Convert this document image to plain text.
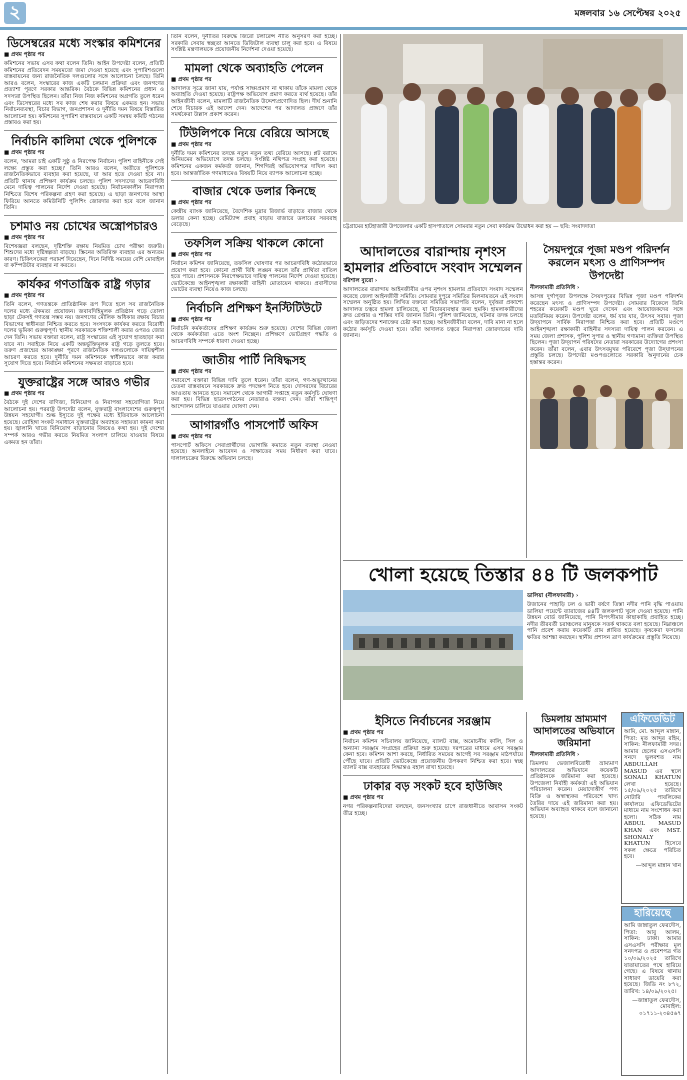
২	মঙ্গলবার ১৬ সেপ্টেম্বর ২০২৫
ডিসেম্বরের মধ্যে সংস্কার কমিশনের
■ প্রথম পৃষ্ঠার পর

কমিশনের সভায় এসব কথা বলেন তিনি। আইন উপদেষ্টা বলেন, প্রতিটি কমিশনের প্রতিবেদন সময়মতো জমা দেওয়া হয়েছে এবং সুপারিশগুলো বাস্তবায়নের জন্য রাজনৈতিক দলগুলোর সঙ্গে আলোচনা চলছে। তিনি আরও বলেন, সংস্কারের কাজ একটি চলমান প্রক্রিয়া এবং জনগণের প্রত্যাশা পূরণে সরকার আন্তরিক। বৈঠকে বিভিন্ন কমিশনের প্রধান ও সদস্যরা উপস্থিত ছিলেন। তাঁরা নিজ নিজ কমিশনের অগ্রগতি তুলে ধরেন এবং ডিসেম্বরের মধ্যে সব কাজ শেষ করার বিষয়ে একমত হন। সভায় নির্বাচনব্যবস্থা, বিচার বিভাগ, জনপ্রশাসন ও দুর্নীতি দমন বিষয়ে বিস্তারিত আলোচনা হয়। কমিশনের সুপারিশ বাস্তবায়নে একটি সমন্বয় কমিটি গঠনের প্রস্তাবও করা হয়।

নির্বাচনি কালিমা থেকে পুলিশকে
■ প্রথম পৃষ্ঠার পর

বলেন, 'আমরা চাই একটি সুষ্ঠু ও নিরপেক্ষ নির্বাচন। পুলিশ বাহিনীকে সেই লক্ষ্যে প্রস্তুত করা হচ্ছে।' তিনি আরও বলেন, অতীতে পুলিশকে রাজনৈতিকভাবে ব্যবহার করা হয়েছে, যা আর হতে দেওয়া হবে না। প্রতিটি থানায় প্রশিক্ষণ কার্যক্রম চলছে। পুলিশ সদস্যদের আচরণবিধি মেনে দায়িত্ব পালনের নির্দেশ দেওয়া হয়েছে। নির্বাচনকালীন নিরাপত্তা নিশ্চিতে বিশেষ পরিকল্পনা গ্রহণ করা হয়েছে। এ ছাড়া জনগণের আস্থা ফিরিয়ে আনতে কমিউনিটি পুলিশিং জোরদার করা হবে বলে জানান তিনি।

চশমাও নয় চোখের অস্ত্রোপচারও
■ প্রথম পৃষ্ঠার পর

বিশেষজ্ঞরা বলছেন, দৃষ্টিশক্তি রক্ষায় নিয়মিত চোখ পরীক্ষা জরুরি। শিশুদের মধ্যে দৃষ্টিস্বল্পতা বাড়ছে। স্ক্রিনের অতিরিক্ত ব্যবহার এর অন্যতম কারণ। চিকিৎসকেরা পরামর্শ দিয়েছেন, দিনে নির্দিষ্ট সময়ের বেশি মোবাইল বা কম্পিউটার ব্যবহার না করতে।

কার্যকর গণতান্ত্রিক রাষ্ট্র গড়ার
■ প্রথম পৃষ্ঠার পর

তিনি বলেন, গণতন্ত্রকে প্রাতিষ্ঠানিক রূপ দিতে হলে সব রাজনৈতিক দলের মধ্যে ঐকমত্য প্রয়োজন। জবাবদিহিমূলক প্রতিষ্ঠান গড়ে তোলা ছাড়া টেকসই গণতন্ত্র সম্ভব নয়। জনগণের মৌলিক অধিকার রক্ষায় বিচার বিভাগের স্বাধীনতা নিশ্চিত করতে হবে। সংসদকে কার্যকর করতে বিরোধী দলের ভূমিকা গুরুত্বপূর্ণ। স্থানীয় সরকারকে শক্তিশালী করার ওপরও জোর দেন তিনি। সভায় বক্তারা বলেন, রাষ্ট্র সংস্কারের এই সুযোগ হাতছাড়া করা যাবে না। সবাইকে নিয়ে একটি অন্তর্ভুক্তিমূলক রাষ্ট্র গড়ে তুলতে হবে। তরুণ প্রজন্মের আকাঙ্ক্ষা পূরণে রাজনৈতিক দলগুলোকে দায়িত্বশীল আচরণ করতে হবে। দুর্নীতি দমন কমিশনকে স্বাধীনভাবে কাজ করার সুযোগ দিতে হবে। নির্বাচন কমিশনের সক্ষমতা বাড়াতে হবে।

যুক্তরাষ্ট্রের সঙ্গে আরও গভীর
■ প্রথম পৃষ্ঠার পর

বৈঠকে দুই দেশের বাণিজ্য, বিনিয়োগ ও নিরাপত্তা সহযোগিতা নিয়ে আলোচনা হয়। পররাষ্ট্র উপদেষ্টা বলেন, যুক্তরাষ্ট্র বাংলাদেশের গুরুত্বপূর্ণ উন্নয়ন সহযোগী। শুল্ক ইস্যুতে দুই পক্ষের মধ্যে ইতিবাচক আলোচনা হয়েছে। রোহিঙ্গা সংকট সমাধানে যুক্তরাষ্ট্রের অব্যাহত সহায়তা কামনা করা হয়। জ্বালানি খাতে বিনিয়োগ বাড়ানোর বিষয়েও কথা হয়। দুই দেশের সম্পর্ক আরও গভীর করতে নিয়মিত সংলাপ চালিয়ে যাওয়ার বিষয়ে একমত হন তাঁরা।

তিনি বলেন, দুর্নীতির বিরুদ্ধে জিরো টলারেন্স নীতি অনুসরণ করা হচ্ছে। সরকারি সেবায় স্বচ্ছতা আনতে ডিজিটাল ব্যবস্থা চালু করা হবে। এ বিষয়ে সংশ্লিষ্ট মন্ত্রণালয়কে প্রয়োজনীয় নির্দেশনা দেওয়া হয়েছে।

মামলা থেকে অব্যাহতি পেলেন
■ প্রথম পৃষ্ঠার পর

আদালত সূত্রে জানা যায়, পর্যাপ্ত সাক্ষ্যপ্রমাণ না থাকায় তাঁকে মামলা থেকে অব্যাহতি দেওয়া হয়েছে। রাষ্ট্রপক্ষ অভিযোগ প্রমাণ করতে ব্যর্থ হয়েছে। তাঁর আইনজীবী বলেন, মামলাটি রাজনৈতিক উদ্দেশ্যপ্রণোদিত ছিল। দীর্ঘ শুনানি শেষে বিচারক এই আদেশ দেন। আদেশের পর আদালত প্রাঙ্গণে তাঁর সমর্থকেরা উল্লাস প্রকাশ করেন।

টিউলিপকে নিয়ে বেরিয়ে আসছে
■ প্রথম পৃষ্ঠার পর

দুর্নীতি দমন কমিশনের তদন্তে নতুন নতুন তথ্য বেরিয়ে আসছে। প্লট বরাদ্দে অনিয়মের অভিযোগে তদন্ত চলছে। সংশ্লিষ্ট নথিপত্র সংগ্রহ করা হয়েছে। কমিশনের একজন কর্মকর্তা জানান, শিগগিরই অভিযোগপত্র দাখিল করা হবে। আন্তর্জাতিক গণমাধ্যমেও বিষয়টি নিয়ে ব্যাপক আলোচনা হচ্ছে।

বাজার থেকে ডলার কিনছে
■ প্রথম পৃষ্ঠার পর

কেন্দ্রীয় ব্যাংক জানিয়েছে, বৈদেশিক মুদ্রার রিজার্ভ বাড়াতে বাজার থেকে ডলার কেনা হচ্ছে। রেমিট্যান্স প্রবাহ বাড়ায় বাজারে ডলারের সরবরাহ বেড়েছে।

তফসিল সক্রিয় থাকলে কোনো
■ প্রথম পৃষ্ঠার পর

নির্বাচন কমিশন জানিয়েছে, তফসিল ঘোষণার পর আচরণবিধি কঠোরভাবে প্রয়োগ করা হবে। কোনো প্রার্থী বিধি লঙ্ঘন করলে তাঁর প্রার্থিতা বাতিল হতে পারে। প্রশাসনকে নিরপেক্ষভাবে দায়িত্ব পালনের নির্দেশ দেওয়া হয়েছে। ভোটকেন্দ্রে আইনশৃঙ্খলা রক্ষাকারী বাহিনী মোতায়েন থাকবে। প্রবাসীদের ভোটের ব্যবস্থা নিয়েও কাজ চলছে।

নির্বাচনি প্রশিক্ষণ ইনস্টিটিউটে
■ প্রথম পৃষ্ঠার পর

নির্বাচনি কর্মকর্তাদের প্রশিক্ষণ কার্যক্রম শুরু হয়েছে। দেশের বিভিন্ন জেলা থেকে কর্মকর্তারা এতে অংশ নিচ্ছেন। প্রশিক্ষণে ভোটগ্রহণ পদ্ধতি ও আচরণবিধি সম্পর্কে ধারণা দেওয়া হচ্ছে।

জাতীয় পার্টি নিষিদ্ধসহ
■ প্রথম পৃষ্ঠার পর

সমাবেশে বক্তারা বিভিন্ন দাবি তুলে ধরেন। তাঁরা বলেন, গণ-অভ্যুত্থানের চেতনা বাস্তবায়নে সরকারকে দ্রুত পদক্ষেপ নিতে হবে। দোসরদের বিচারের আওতায় আনতে হবে। সমাবেশ থেকে আগামী সপ্তাহে নতুন কর্মসূচি ঘোষণা করা হয়। বিভিন্ন ছাত্রসংগঠনের নেতারাও বক্তব্য দেন। তাঁরা শান্তিপূর্ণ আন্দোলন চালিয়ে যাওয়ার ঘোষণা দেন।

আগারগাঁও পাসপোর্ট অফিস
■ প্রথম পৃষ্ঠার পর

পাসপোর্ট অফিসে সেবাপ্রার্থীদের ভোগান্তি কমাতে নতুন ব্যবস্থা নেওয়া হয়েছে। অনলাইনে আবেদন ও সাক্ষাতের সময় নির্ধারণ করা যাবে। দালালচক্রের বিরুদ্ধে অভিযান চলছে।

চট্টগ্রামের হাটহাজারী উপজেলার একটি হাসপাতালে সোমবার নতুন সেবা কার্যক্রম উদ্বোধন করা হয় — ছবি: সংবাদদাতা
আদালতের বারান্দায় নৃশংস হামলার প্রতিবাদে সংবাদ সম্মেলন
বরিশাল ব্যুরো ›

আদালতের বারান্দায় আইনজীবীর ওপর নৃশংস হামলার প্রতিবাদে সংবাদ সম্মেলন করেছে জেলা আইনজীবী সমিতি। সোমবার দুপুরে সমিতির মিলনায়তনে এই সংবাদ সম্মেলন অনুষ্ঠিত হয়। লিখিত বক্তব্যে সমিতির সভাপতি বলেন, দুর্বৃত্তরা প্রকাশ্যে আদালত চত্বরে হামলা চালিয়েছে, যা বিচারব্যবস্থার জন্য হুমকি। হামলাকারীদের দ্রুত গ্রেপ্তার ও শাস্তির দাবি জানান তিনি। পুলিশ জানিয়েছে, ঘটনার তদন্ত চলছে এবং জড়িতদের শনাক্তের চেষ্টা করা হচ্ছে। আইনজীবীরা বলেন, দাবি মানা না হলে কঠোর কর্মসূচি দেওয়া হবে। তাঁরা আদালত চত্বরে নিরাপত্তা জোরদারের দাবি জানান।

সৈয়দপুরে পূজা মণ্ডপ পরিদর্শন করলেন মৎস্য ও প্রাণিসম্পদ উপদেষ্টা
নীলফামারী প্রতিনিধি ›

আসন্ন দুর্গাপূজা উপলক্ষে সৈয়দপুরের বিভিন্ন পূজা মণ্ডপ পরিদর্শন করেছেন মৎস্য ও প্রাণিসম্পদ উপদেষ্টা। সোমবার বিকেলে তিনি শহরের কয়েকটি মণ্ডপ ঘুরে দেখেন এবং আয়োজকদের সঙ্গে মতবিনিময় করেন। উপদেষ্টা বলেন, ধর্ম যার যার, উৎসব সবার। পূজা উদ্‌যাপনে সার্বিক নিরাপত্তা নিশ্চিত করা হবে। প্রতিটি মণ্ডপে আইনশৃঙ্খলা রক্ষাকারী বাহিনীর সদস্যরা দায়িত্ব পালন করবেন। এ সময় জেলা প্রশাসক, পুলিশ সুপার ও স্থানীয় গণ্যমান্য ব্যক্তিরা উপস্থিত ছিলেন। পূজা উদ্‌যাপন পরিষদের নেতারা সরকারের উদ্যোগের প্রশংসা করেন। তাঁরা বলেন, এবার উৎসবমুখর পরিবেশে পূজা উদ্‌যাপনের প্রস্তুতি চলছে। উপদেষ্টা মণ্ডপগুলোতে সরকারি অনুদানের চেক হস্তান্তর করেন।

খোলা হয়েছে তিস্তার ৪৪ টি জলকপাট
ডালিয়া (নীলফামারী) ›

উজানের পাহাড়ি ঢল ও ভারী বর্ষণে তিস্তা নদীর পানি বৃদ্ধি পাওয়ায় ডালিয়া পয়েন্টে ব্যারাজের ৪৪টি জলকপাট খুলে দেওয়া হয়েছে। পানি উন্নয়ন বোর্ড জানিয়েছে, পানি বিপৎসীমার কাছাকাছি প্রবাহিত হচ্ছে। নদীর তীরবর্তী চরাঞ্চলের মানুষকে সতর্ক থাকতে বলা হয়েছে। নিম্নাঞ্চলে পানি প্রবেশ করায় কয়েকটি গ্রাম প্লাবিত হয়েছে। কৃষকেরা ফসলের ক্ষতির আশঙ্কা করছেন। স্থানীয় প্রশাসন ত্রাণ কার্যক্রমের প্রস্তুতি নিয়েছে।

ইসিতে নির্বাচনের সরঞ্জাম
■ প্রথম পৃষ্ঠার পর

নির্বাচন কমিশন সচিবালয় জানিয়েছে, ব্যালট বাক্স, অমোচনীয় কালি, সিল ও অন্যান্য সরঞ্জাম সংগ্রহের প্রক্রিয়া শুরু হয়েছে। দরপত্রের মাধ্যমে এসব সরঞ্জাম কেনা হবে। কমিশন আশা করছে, নির্ধারিত সময়ের আগেই সব সরঞ্জাম মাঠপর্যায়ে পৌঁছে যাবে। প্রতিটি ভোটকেন্দ্রে প্রয়োজনীয় উপকরণ নিশ্চিত করা হবে। স্বচ্ছ ব্যালট বাক্স ব্যবহারের সিদ্ধান্তও বহাল রাখা হয়েছে।

ঢাকার বড় সংকট হবে হাউজিং
■ প্রথম পৃষ্ঠার পর

নগর পরিকল্পনাবিদেরা বলছেন, জনসংখ্যার চাপে রাজধানীতে আবাসন সংকট তীব্র হচ্ছে।

ডিমলায় ভ্রাম্যমাণ আদালতের অভিযানে জরিমানা
নীলফামারী প্রতিনিধি ›

ডিমলায় ভেজালবিরোধী ভ্রাম্যমাণ আদালতের অভিযানে কয়েকটি প্রতিষ্ঠানকে জরিমানা করা হয়েছে। উপজেলা নির্বাহী কর্মকর্তা এই অভিযান পরিচালনা করেন। মেয়াদোত্তীর্ণ পণ্য বিক্রি ও অস্বাস্থ্যকর পরিবেশে খাদ্য তৈরির দায়ে এই জরিমানা করা হয়। অভিযান অব্যাহত থাকবে বলে জানানো হয়েছে।

এফিডেভিট

আমি, মো. আব্দুল মান্নান, পিতা: মৃত আব্দুর রহিম, সাকিন: নীলফামারী সদর। আমার ছেলের এসএসসি সনদে ভুলবশত নাম ABDULLAH MASUD এর স্থলে SONALI KHATUN লেখা হয়েছে। ১৫/০৯/২০২৫ তারিখে নোটারি পাবলিকের কার্যালয়ে এফিডেভিটের মাধ্যমে নাম সংশোধন করা হলো। সঠিক নাম ABDUL MASUD KHAN এবং MST. SHONALY KHATUN হিসেবে সকল ক্ষেত্রে পরিচিত হবে।

—আব্দুল মান্নান খান
হারিয়েছে

আমি জান্নাতুল ফেরদৌস, পিতা: আবু আলম, সাকিন: ঢাকা। আমার এসএসসি পরীক্ষার মূল সনদপত্র ও প্রবেশপত্র গত ১০/০৯/২০২৫ তারিখে যাতায়াতের পথে হারিয়ে গেছে। এ বিষয়ে থানায় সাধারণ ডায়েরি করা হয়েছে। জিডি নং ৮৭২, তারিখ: ১৪/০৯/২০২৫।

—জান্নাতুল ফেরদৌস, মোবাইল: ০১৭১১-২৩৪৫৬৭
